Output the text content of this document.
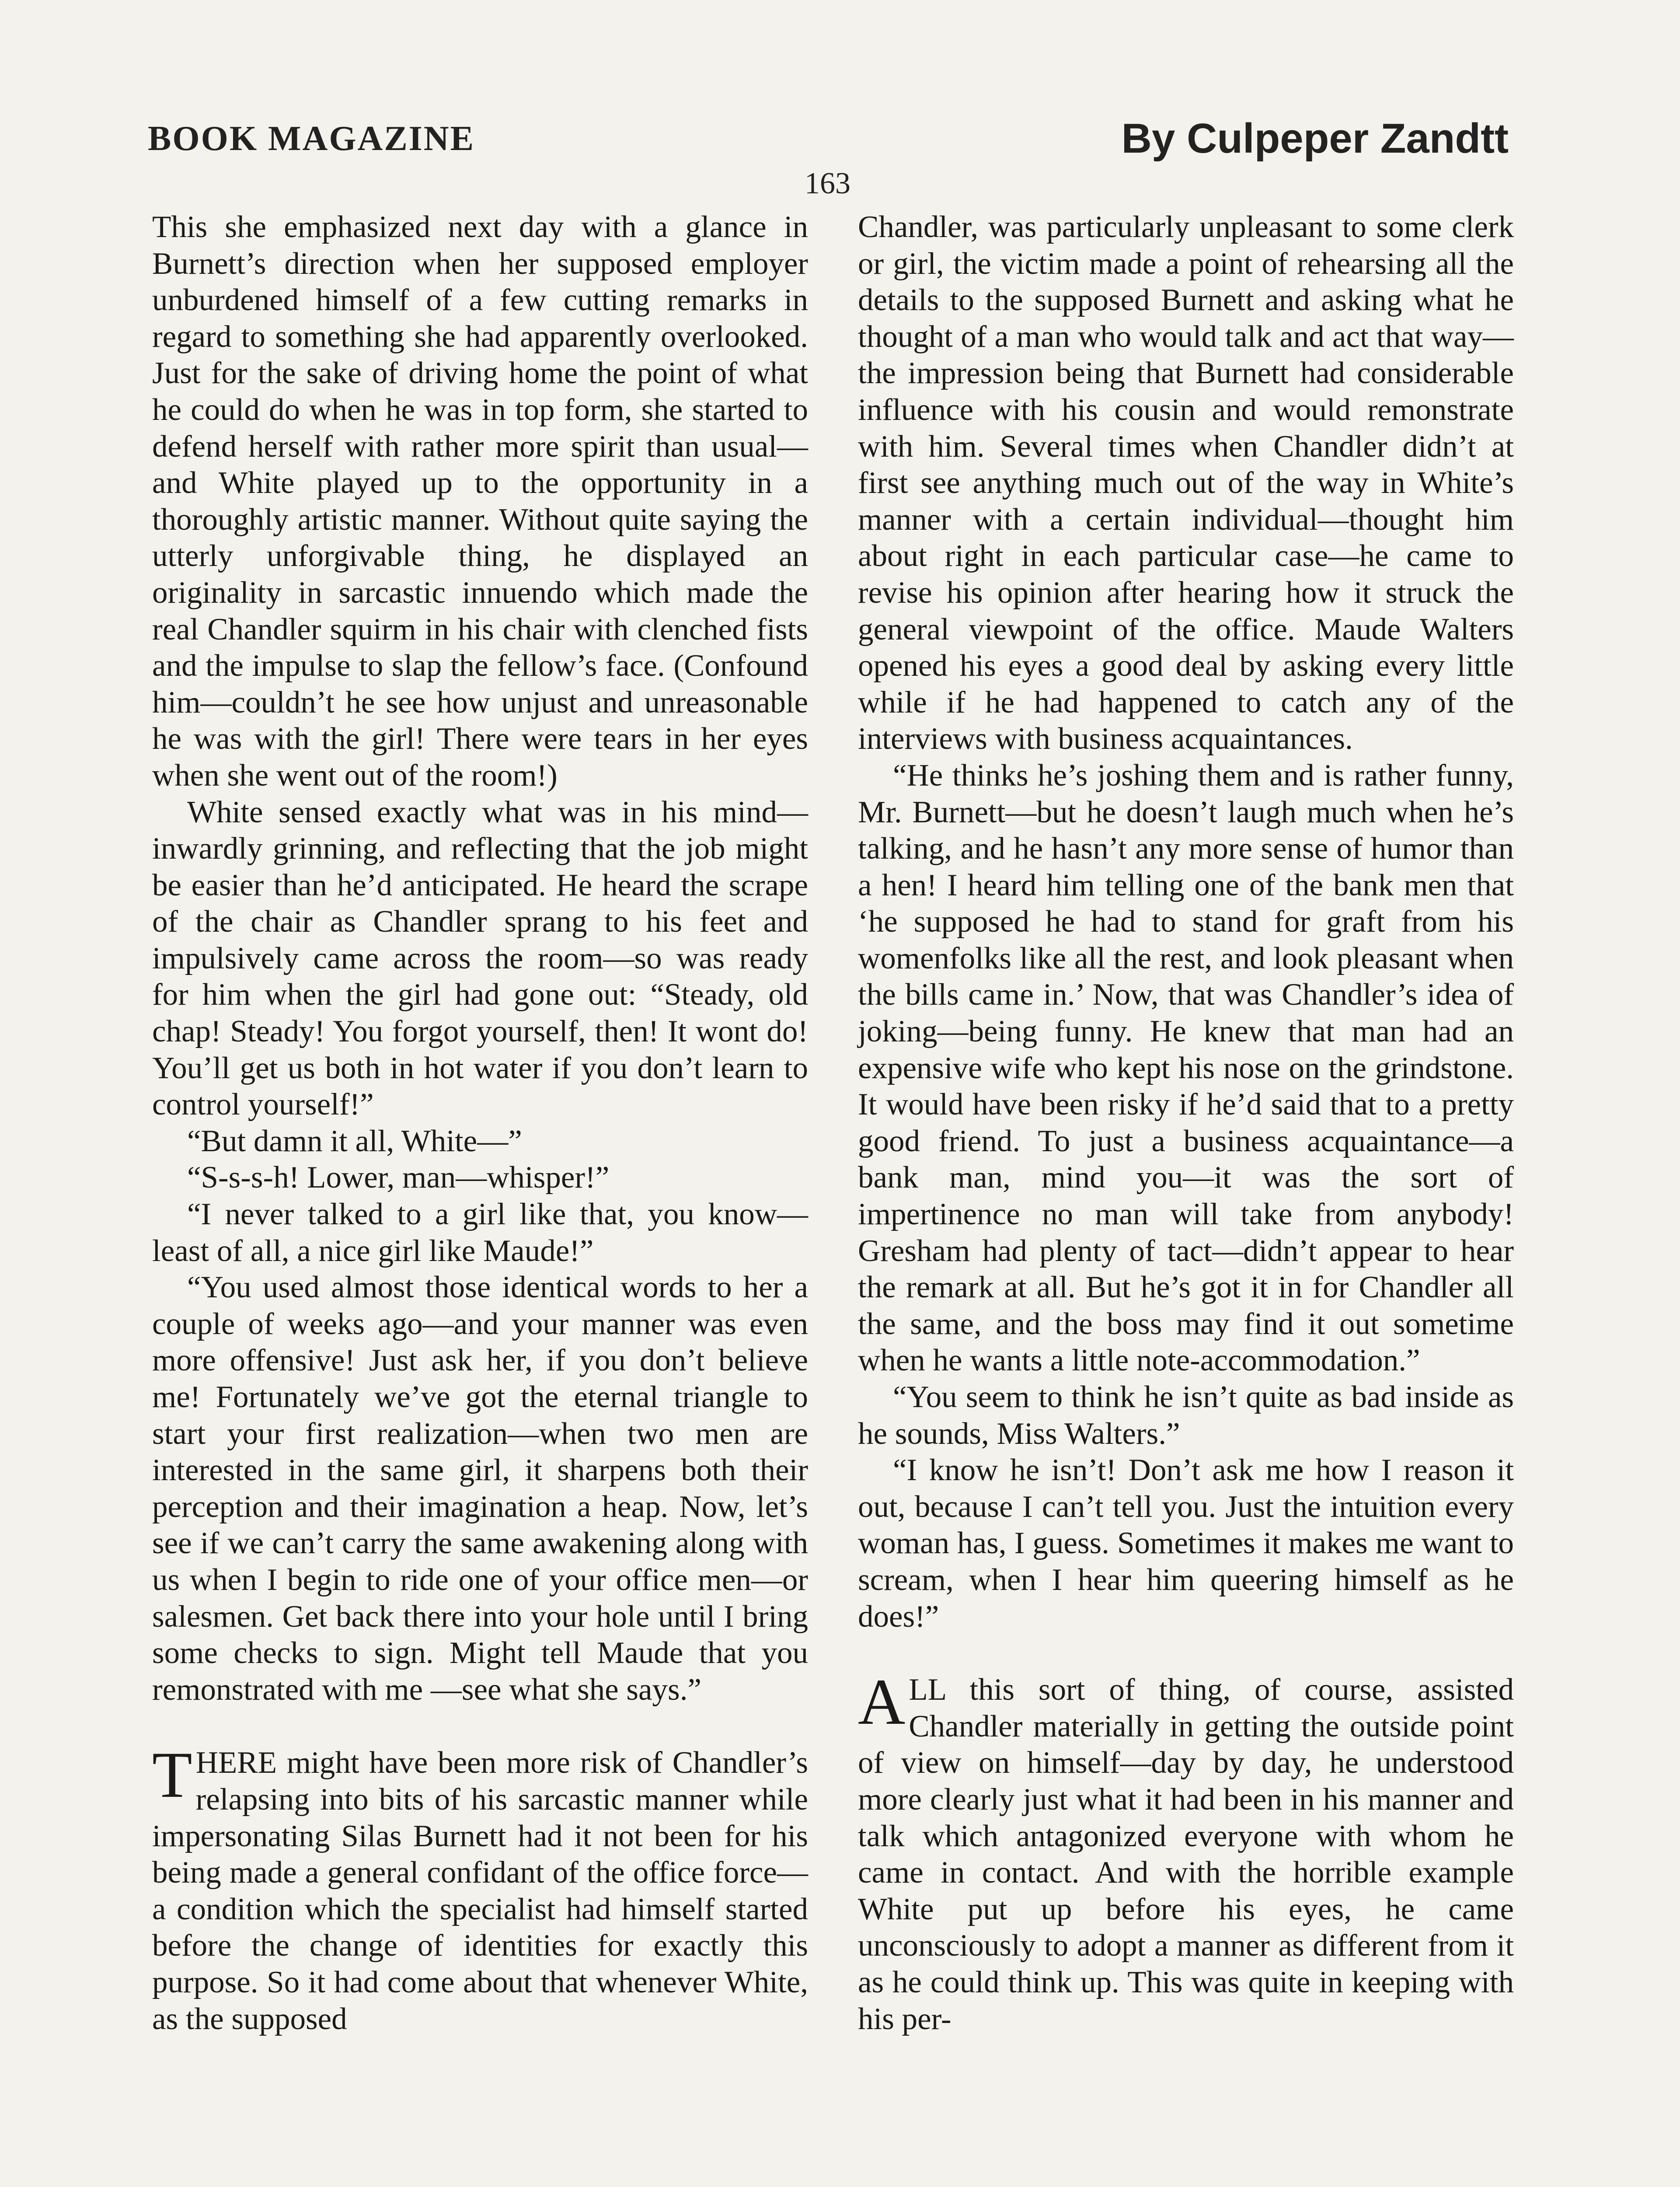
BOOK MAGAZINE	By Culpeper Zandtt
163

This she emphasized next day with a glance in Burnett’s direction when her supposed employer unburdened himself of a few cutting remarks in regard to something she had apparently overlooked. Just for the sake of driving home the point of what he could do when he was in top form, she started to defend herself with rather more spirit than usual—and White played up to the opportunity in a thoroughly artistic manner. Without quite saying the utterly unforgivable thing, he displayed an originality in sarcastic innuendo which made the real Chandler squirm in his chair with clenched fists and the impulse to slap the fellow’s face. (Confound him—couldn’t he see how unjust and unreasonable he was with the girl! There were tears in her eyes when she went out of the room!)

White sensed exactly what was in his mind—inwardly grinning, and reflecting that the job might be easier than he’d anticipated. He heard the scrape of the chair as Chandler sprang to his feet and impulsively came across the room—so was ready for him when the girl had gone out: “Steady, old chap! Steady! You forgot yourself, then! It wont do! You’ll get us both in hot water if you don’t learn to control yourself!”

“But damn it all, White—”

“S-s-s-h! Lower, man—whisper!”

“I never talked to a girl like that, you know—least of all, a nice girl like Maude!”

“You used almost those identical words to her a couple of weeks ago—and your manner was even more offensive! Just ask her, if you don’t believe me! Fortunately we’ve got the eternal triangle to start your first realization—when two men are interested in the same girl, it sharpens both their perception and their imagination a heap. Now, let’s see if we can’t carry the same awakening along with us when I begin to ride one of your office men—or salesmen. Get back there into your hole until I bring some checks to sign. Might tell Maude that you remonstrated with me —see what she says.”

THERE might have been more risk of Chandler’s relapsing into bits of his sarcastic manner while impersonating Silas Burnett had it not been for his being made a general confidant of the office force—a condition which the specialist had himself started before the change of identities for exactly this purpose. So it had come about that whenever White, as the supposed

Chandler, was particularly unpleasant to some clerk or girl, the victim made a point of rehearsing all the details to the supposed Burnett and asking what he thought of a man who would talk and act that way—the impression being that Burnett had considerable influence with his cousin and would remonstrate with him. Several times when Chandler didn’t at first see anything much out of the way in White’s manner with a certain individual—thought him about right in each particular case—he came to revise his opinion after hearing how it struck the general viewpoint of the office. Maude Walters opened his eyes a good deal by asking every little while if he had happened to catch any of the interviews with business acquaintances.

“He thinks he’s joshing them and is rather funny, Mr. Burnett—but he doesn’t laugh much when he’s talking, and he hasn’t any more sense of humor than a hen! I heard him telling one of the bank men that ‘he supposed he had to stand for graft from his womenfolks like all the rest, and look pleasant when the bills came in.’ Now, that was Chandler’s idea of joking—being funny. He knew that man had an expensive wife who kept his nose on the grindstone. It would have been risky if he’d said that to a pretty good friend. To just a business acquaintance—a bank man, mind you—it was the sort of impertinence no man will take from anybody! Gresham had plenty of tact—didn’t appear to hear the remark at all. But he’s got it in for Chandler all the same, and the boss may find it out sometime when he wants a little note-accommodation.”

“You seem to think he isn’t quite as bad inside as he sounds, Miss Walters.”

“I know he isn’t! Don’t ask me how I reason it out, because I can’t tell you. Just the intuition every woman has, I guess. Sometimes it makes me want to scream, when I hear him queering himself as he does!”

ALL this sort of thing, of course, assisted Chandler materially in getting the outside point of view on himself—day by day, he understood more clearly just what it had been in his manner and talk which antagonized everyone with whom he came in contact. And with the horrible example White put up before his eyes, he came unconsciously to adopt a manner as different from it as he could think up. This was quite in keeping with his per-
